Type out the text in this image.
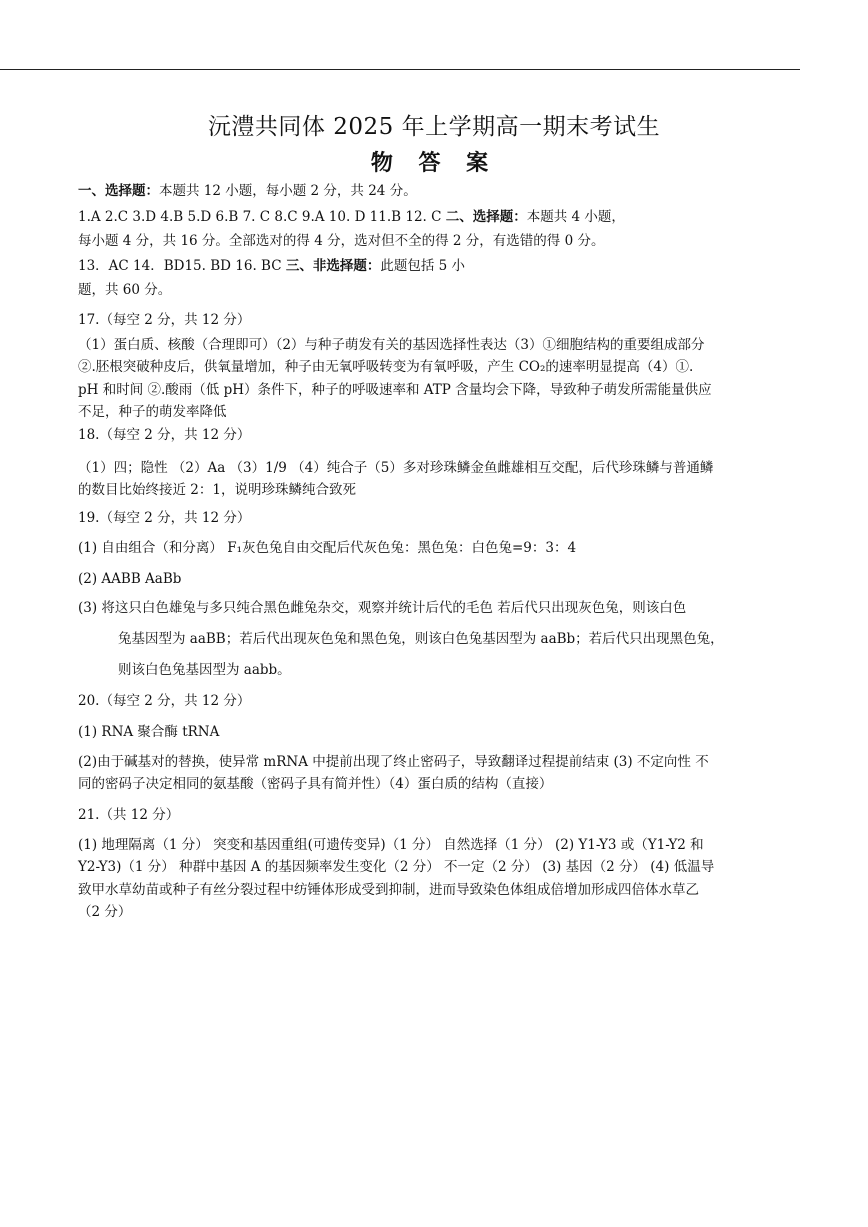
沅澧共同体 2025 年上学期高一期末考试生
物 答 案
一、选择题：本题共 12 小题，每小题 2 分，共 24 分。
1.A 2.C 3.D 4.B 5.D 6.B 7. C 8.C 9.A 10. D 11.B 12. C 二、选择题：本题共 4 小题，
每小题 4 分，共 16 分。全部选对的得 4 分，选对但不全的得 2 分，有选错的得 0 分。
13．AC 14．BD15. BD 16. BC 三、非选择题：此题包括 5 小
题，共 60 分。
17.（每空 2 分，共 12 分）
（1）蛋白质、核酸（合理即可）（2）与种子萌发有关的基因选择性表达（3）①细胞结构的重要组成部分
②.胚根突破种皮后，供氧量增加，种子由无氧呼吸转变为有氧呼吸，产生 CO₂的速率明显提高（4）①.
pH 和时间 ②.酸雨（低 pH）条件下，种子的呼吸速率和 ATP 含量均会下降，导致种子萌发所需能量供应
不足，种子的萌发率降低
18.（每空 2 分，共 12 分）
（1）四；隐性 （2）Aa （3）1/9 （4）纯合子（5）多对珍珠鳞金鱼雌雄相互交配，后代珍珠鳞与普通鳞
的数目比始终接近 2：1，说明珍珠鳞纯合致死
19.（每空 2 分，共 12 分）
(1) 自由组合（和分离） F₁灰色兔自由交配后代灰色兔：黑色兔：白色兔=9：3：4
(2) AABB AaBb
(3) 将这只白色雄兔与多只纯合黑色雌兔杂交，观察并统计后代的毛色 若后代只出现灰色兔，则该白色
兔基因型为 aaBB；若后代出现灰色兔和黑色兔，则该白色兔基因型为 aaBb；若后代只出现黑色兔，
则该白色兔基因型为 aabb。
20.（每空 2 分，共 12 分）
(1) RNA 聚合酶 tRNA
(2)由于碱基对的替换，使异常 mRNA 中提前出现了终止密码子，导致翻译过程提前结束 (3) 不定向性 不
同的密码子决定相同的氨基酸（密码子具有简并性）（4）蛋白质的结构（直接）
21.（共 12 分）
(1) 地理隔离（1 分） 突变和基因重组(可遗传变异)（1 分） 自然选择（1 分） (2) Y1-Y3 或（Y1-Y2 和
Y2-Y3)（1 分） 种群中基因 A 的基因频率发生变化（2 分） 不一定（2 分） (3) 基因（2 分） (4) 低温导
致甲水草幼苗或种子有丝分裂过程中纺锤体形成受到抑制，进而导致染色体组成倍增加形成四倍体水草乙
（2 分）
